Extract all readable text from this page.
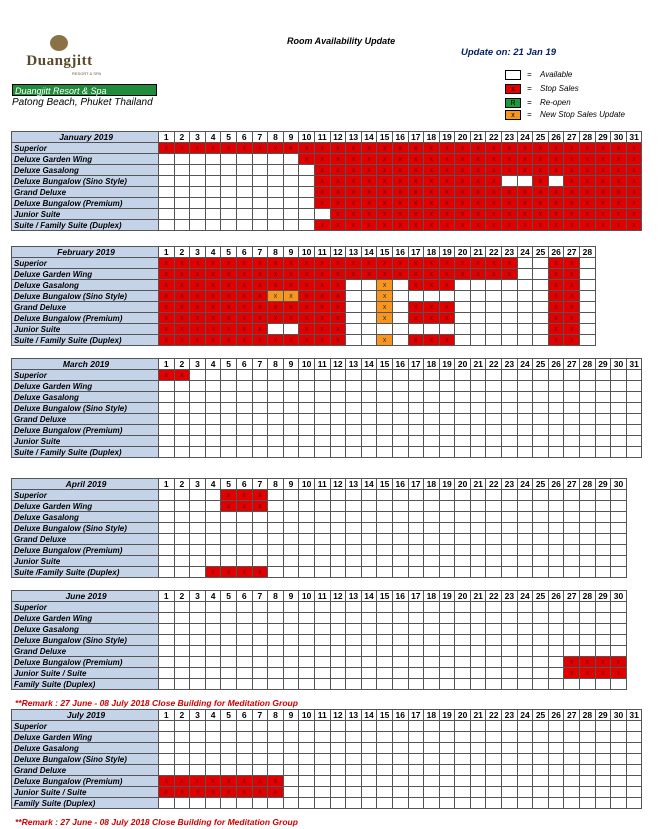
Duangjitt
RESORT & SPA
Duangjitt Resort & Spa
Patong Beach, Phuket Thailand
Room Availability Update
Update on: 21 Jan 19
= Available
x	= Stop Sales
R	= Re-open
x	= New Stop Sales Update
January 2019	1	2	3	4	5	6	7	8	9	10	11	12	13	14	15	16	17	18	19	20	21	22	23	24	25	26	27	28	29	30	31
Superior	x	x	x	x	x	x	x	x	x	x	x	x	x	x	x	x	x	x	x	x	x	x	x	x	x	x	x	x	x	x	x
Deluxe Garden Wing										x	x	x	x	x	x	x	x	x	x	x	x	x	x	x	x	x	x	x	x	x	x
Deluxe Gasalong											x	x	x	x	x	x	x	x	x	x	x	x	x	x	x	x	x	x	x	x	x
Deluxe Bungalow (Sino Style)											x	x	x	x	x	x	x	x	x	x	x	x			x		x	x	x	x	x
Grand Deluxe											x	x	x	x	x	x	x	x	x	x	x	x	x	x	x	x	x	x	x	x	x
Deluxe Bungalow (Premium)											x	x	x	x	x	x	x	x	x	x	x	x	x	x	x	x	x	x	x	x	x
Junior Suite												x	x	x	x	x	x	x	x	x	x	x	x	x	x	x	x	x	x	x	x
Suite / Family Suite (Duplex)											x	x	x	x	x	x	x	x	x	x	x	x	x	x	x	x	x	x	x	x	x
February 2019	1	2	3	4	5	6	7	8	9	10	11	12	13	14	15	16	17	18	19	20	21	22	23	24	25	26	27	28
Superior	x	x	x	x	x	x	x	x	x	x	x	x	x	x	x	x	x	x	x	x	x	x	x			x	x	
Deluxe Garden Wing	x	x	x	x	x	x	x	x	x	x	x	x	x	x	x	x	x	x	x	x	x	x	x			x	x	
Deluxe Gasalong	x	x	x	x	x	x	x	x	x	x	x	x			x		x	x	x							x	x	
Deluxe Bungalow (Sino Style)	x	x	x	x	x	x	x	x	x	x	x	x			x											x	x	
Grand Deluxe	x	x	x	x	x	x	x	x	x	x	x	x			x		x	x	x							x	x	
Deluxe Bungalow (Premium)	x	x	x	x	x	x	x	x	x	x	x	x			x		x	x	x							x	x	
Junior Suite	x	x	x	x	x	x	x			x	x	x														x	x	
Suite / Family Suite (Duplex)	x	x	x	x	x	x	x	x	x	x	x	x			x		x	x	x							x	x	
March 2019	1	2	3	4	5	6	7	8	9	10	11	12	13	14	15	16	17	18	19	20	21	22	23	24	25	26	27	28	29	30	31
Superior	x	x																													
Deluxe Garden Wing																															
Deluxe Gasalong																															
Deluxe Bungalow (Sino Style)																															
Grand Deluxe																															
Deluxe Bungalow (Premium)																															
Junior Suite																															
Suite / Family Suite (Duplex)																															
April 2019	1	2	3	4	5	6	7	8	9	10	11	12	13	14	15	16	17	18	19	20	21	22	23	24	25	26	27	28	29	30
Superior					x	x	x																							
Deluxe Garden Wing					x	x	x																							
Deluxe Gasalong																														
Deluxe Bungalow (Sino Style)																														
Grand Deluxe																														
Deluxe Bungalow (Premium)																														
Junior Suite																														
Suite /Family Suite (Duplex)				x	x	x	x																							
June 2019	1	2	3	4	5	6	7	8	9	10	11	12	13	14	15	16	17	18	19	20	21	22	23	24	25	26	27	28	29	30
Superior																														
Deluxe Garden Wing																														
Deluxe Gasalong																														
Deluxe Bungalow (Sino Style)																														
Grand Deluxe																														
Deluxe Bungalow (Premium)																											x	x	x	x
Junior Suite / Suite																											x	x	x	x
Family Suite (Duplex)																														
**Remark : 27 June - 08 July 2018 Close Building for Meditation Group
July 2019	1	2	3	4	5	6	7	8	9	10	11	12	13	14	15	16	17	18	19	20	21	22	23	24	25	26	27	28	29	30	31
Superior																															
Deluxe Garden Wing																															
Deluxe Gasalong																															
Deluxe Bungalow (Sino Style)																															
Grand Deluxe																															
Deluxe Bungalow (Premium)	x	x	x	x	x	x	x	x																							
Junior Suite / Suite	x	x	x	x	x	x	x	x																							
Family Suite (Duplex)																															
**Remark : 27 June - 08 July 2018 Close Building for Meditation Group
